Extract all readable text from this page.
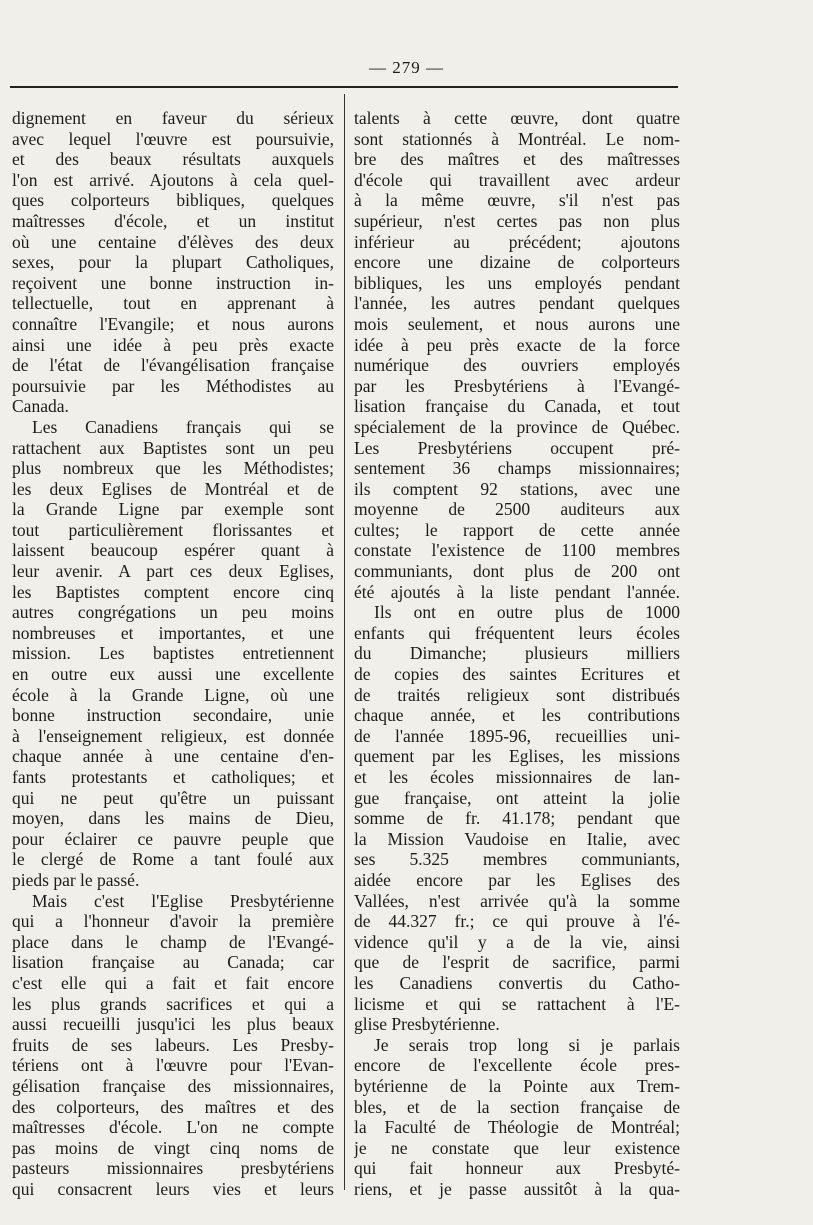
— 279 —
dignement en faveur du sérieux
avec lequel l'œuvre est poursuivie,
et des beaux résultats auxquels
l'on est arrivé. Ajoutons à cela quel-
ques colporteurs bibliques, quelques
maîtresses d'école, et un institut
où une centaine d'élèves des deux
sexes, pour la plupart Catholiques,
reçoivent une bonne instruction in-
tellectuelle, tout en apprenant à
connaître l'Evangile; et nous aurons
ainsi une idée à peu près exacte
de l'état de l'évangélisation française
poursuivie par les Méthodistes au
Canada.
Les Canadiens français qui se
rattachent aux Baptistes sont un peu
plus nombreux que les Méthodistes;
les deux Eglises de Montréal et de
la Grande Ligne par exemple sont
tout particulièrement florissantes et
laissent beaucoup espérer quant à
leur avenir. A part ces deux Eglises,
les Baptistes comptent encore cinq
autres congrégations un peu moins
nombreuses et importantes, et une
mission. Les baptistes entretiennent
en outre eux aussi une excellente
école à la Grande Ligne, où une
bonne instruction secondaire, unie
à l'enseignement religieux, est donnée
chaque année à une centaine d'en-
fants protestants et catholiques; et
qui ne peut qu'être un puissant
moyen, dans les mains de Dieu,
pour éclairer ce pauvre peuple que
le clergé de Rome a tant foulé aux
pieds par le passé.
Mais c'est l'Eglise Presbytérienne
qui a l'honneur d'avoir la première
place dans le champ de l'Evangé-
lisation française au Canada; car
c'est elle qui a fait et fait encore
les plus grands sacrifices et qui a
aussi recueilli jusqu'ici les plus beaux
fruits de ses labeurs. Les Presby-
tériens ont à l'œuvre pour l'Evan-
gélisation française des missionnaires,
des colporteurs, des maîtres et des
maîtresses d'école. L'on ne compte
pas moins de vingt cinq noms de
pasteurs missionnaires presbytériens
qui consacrent leurs vies et leurs
talents à cette œuvre, dont quatre
sont stationnés à Montréal. Le nom-
bre des maîtres et des maîtresses
d'école qui travaillent avec ardeur
à la même œuvre, s'il n'est pas
supérieur, n'est certes pas non plus
inférieur au précédent; ajoutons
encore une dizaine de colporteurs
bibliques, les uns employés pendant
l'année, les autres pendant quelques
mois seulement, et nous aurons une
idée à peu près exacte de la force
numérique des ouvriers employés
par les Presbytériens à l'Evangé-
lisation française du Canada, et tout
spécialement de la province de Québec.
Les Presbytériens occupent pré-
sentement 36 champs missionnaires;
ils comptent 92 stations, avec une
moyenne de 2500 auditeurs aux
cultes; le rapport de cette année
constate l'existence de 1100 membres
communiants, dont plus de 200 ont
été ajoutés à la liste pendant l'année.
Ils ont en outre plus de 1000
enfants qui fréquentent leurs écoles
du Dimanche; plusieurs milliers
de copies des saintes Ecritures et
de traités religieux sont distribués
chaque année, et les contributions
de l'année 1895-96, recueillies uni-
quement par les Eglises, les missions
et les écoles missionnaires de lan-
gue française, ont atteint la jolie
somme de fr. 41.178; pendant que
la Mission Vaudoise en Italie, avec
ses 5.325 membres communiants,
aidée encore par les Eglises des
Vallées, n'est arrivée qu'à la somme
de 44.327 fr.; ce qui prouve à l'é-
vidence qu'il y a de la vie, ainsi
que de l'esprit de sacrifice, parmi
les Canadiens convertis du Catho-
licisme et qui se rattachent à l'E-
glise Presbytérienne.
Je serais trop long si je parlais
encore de l'excellente école pres-
bytérienne de la Pointe aux Trem-
bles, et de la section française de
la Faculté de Théologie de Montréal;
je ne constate que leur existence
qui fait honneur aux Presbyté-
riens, et je passe aussitôt à la qua-
